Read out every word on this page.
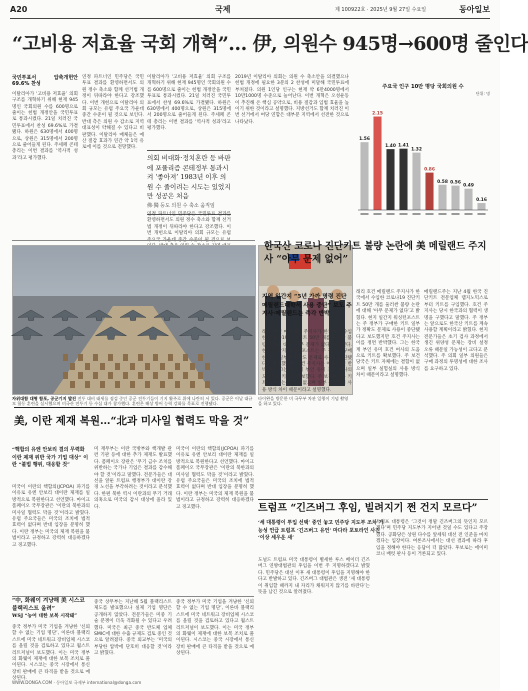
A20	국제	제 100922호 · 2025년 9월 27일 수요일	동아일보
“고비용 저효율 국회 개혁”… 伊, 의원수 945명→600명 줄인다
국민투표서 압축개헌안 69.6% 찬성
이탈리아가 ‘고비용 저효율’ 의회 구조를 개혁하기 위해 현재 945명인 국회의원 수를 600명으로 줄이는 헌법 개정안을 국민투표로 통과시켰다. 21일 치러진 국민투표에서 찬성 69.6%로 가결됐다. 하원은 630명에서 400명으로, 상원은 315명에서 200명으로 줄어들게 된다. 주세페 콘테 총리는 이번 결과를 ‘역사적 성과’라고 평가했다.
연정 파트너인 민주당은 국민투표 결과를 환영하면서도 의원 정수 축소와 함께 선거법 개정이 뒤따라야 한다고 강조했다. 이번 개헌으로 이탈리아 의회 규모는 유럽 주요국 가운데 중간 수준이 될 것으로 보인다. 반대 측은 의원 수 감소로 지역 대표성이 약해질 수 있다고 비판했다. 이탈리아 매체들은 예산 절감 효과가 연간 약 1억 유로에 이를 것으로 전망했다.
이탈리아가 ‘고비용 저효율’ 의회 구조를 개혁하기 위해 현재 945명인 국회의원 수를 600명으로 줄이는 헌법 개정안을 국민투표로 통과시켰다. 21일 치러진 국민투표에서 찬성 69.6%로 가결됐다. 하원은 630명에서 400명으로, 상원은 315명에서 200명으로 줄어들게 된다. 주세페 콘테 총리는 이번 결과를 ‘역사적 성과’라고 평가했다.
의회 비대화·정치혼란 등 바판에 포퓰리즘 콘테정부 통과시켜 ‘좋아져’ 1983년 이후 의원 수 줄이려는 시도는 있었지만 성공은 처음
佛·獨 등도 의원 수 축소 움직임
연정 파트너인 민주당은 국민투표 결과를 환영하면서도 의원 정수 축소와 함께 선거법 개정이 뒤따라야 한다고 강조했다. 이번 개헌으로 이탈리아 의회 규모는 유럽
2019년 이탈리아 의회는 의원 수 축소안을 의결했으나 헌법 개정에 필요한 3분의 2 찬성에 미달해 국민투표에 부쳐졌다. 의원 1인당 인구는 현재 약 6만4000명에서 10만1000명 수준으로 늘어난다. 이번 개혁은 오성운동이 추진해 온 핵심 공약으로, 비용 절감과 입법 효율을 높이기 위한 것이라고 설명했다. 지방선거도 함께 치러진 이번 선거에서 여당 연합은 대부분 지역에서 선전한 것으로 나타났다.
주요국 인구 10만 명당 국회의원 수
단위: 명
1.56
2.15
1.40 1.41
1.32
0.86
0.58 0.56
0.49
0.16
자위대함 대형 함포, 공군기지 발진 전투 대비 태세를 점검 중인 공군 전투기들이 기지 활주로 위에 나란히 서 있다. 공군은 이날 대규모 합동 훈련을 실시했으며 미국산 전투기 등 수십 대가 참가했다. 훈련은 해상 방어 능력 강화를 목표로 진행됐다.
타이완을 방문한 미 국무부 차관 일행이 기념 촬영을 하고 있다.
한국산 코로나 진단키트 불량 논란에 美 메릴랜드 주지사 “아무 문제 없어”
지역 일간지 “5년 가까 명령 진단 메릴랜드대학서 사용 중단” 보도 주지사·메릴랜드는 즉각 반박
래리 호건 메릴랜드 주지사가 한국에서 수입한 코로나19 진단키트 50만 개를 둘러싼 불량 논란에 대해 ‘아무 문제가 없다’고 밝혔다. 현지 일간지 워싱턴포스트는 주 정부가 구매한 키트 일부가 정확도 문제로 사용이 중단됐다고 보도했지만 호건 주지사는 이를 정면 반박했다. 그는 한국계 부인 유미 호건 여사의 도움으로 키트를 확보했다. 주 보건당국은 키트 자체에는 결함이 없으며 일부 실험실의 사용 방식 차이 때문이라고 설명했다.
래리 호건 메릴랜드 주지사가 한국에서 수입한 코로나19 진단키트 50만 개를 둘러싼 불량 논란에 대해 ‘아무 문제가 없다’고 밝혔다. 현지 일간지 워싱턴포스트는 주 정부가 구매한 키트 일부가 정확도 문제로 사용이 중단됐다고 보도했지만 호건 주지사는 이를 정면 반박했다. 그는 한국계 부인 유미 호건 여사의 도움으로 키트를 확보했다. 주 보건당국은 키트 자체에는 결함이 없으며 일부 실험실의 사용 방식 차이 때문이라고 설명했다.
메릴랜드주는 지난 4월 한국 진단키트 전문업체 랩지노믹스로부터 키트를 구입했다. 호건 주지사는 당시 한국과의 협력이 생명을 구했다고 말했다. 주 정부는 앞으로도 한국산 키트를 계속 사용할 계획이라고 밝혔다. 현지 전문가들은 초기 검사 과정에서 생긴 위양성 문제는 장비 설정 오류 때문일 가능성이 크다고 분석했다. 주 의회 일부 의원들은 구매 과정의 투명성에 대한 조사를 요구하고 있다.
美, 이란 제재 복원…“北과 미사일 협력도 막을 것”
“핵합의 유엔 안보리 결의 무력화 이란 제재 위반 국가 기업 대상” 이란 “불법 행위, 대응할 것”
미국이 이란의 핵합의(JCPOA) 파기를 이유로 유엔 안보리 대이란 제재를 일방적으로 복원한다고 선언했다. 마이크 폼페이오 국무장관은 ‘이란의 북한과의 미사일 협력도 막을 것’이라고 밝혔다. 유럽 주요국들은 미국의 조치에 법적 효력이 없다며 반대 입장을 분명히 했다. 이란 정부는 미국의 제재 복원을 불법이라고 규정하고 강력히 대응하겠다고 경고했다.
미 재무부는 이란 국방부와 핵개발 관련 기관 등에 대한 추가 제재도 발표했다. 폼페이오 장관은 ‘무기 금수 조치를 위반하는 국가나 기업은 결과를 감수해야 할 것’이라고 말했다. 전문가들은 대선을 앞둔 트럼프 행정부가 대이란 강경 노선을 부각하려는 것이라고 분석했다. 한편 북한 역시 이란과의 무기 거래 의혹으로 미국의 감시 대상에 올라 있다.
미국이 이란의 핵합의(JCPOA) 파기를 이유로 유엔 안보리 대이란 제재를 일방적으로 복원한다고 선언했다. 마이크 폼페이오 국무장관은 ‘이란의 북한과의 미사일 협력도 막을 것’이라고 밝혔다. 유럽 주요국들은 미국의 조치에 법적 효력이 없다며 반대 입장을 분명히 했다. 이란 정부는 미국의 제재 복원을 불법이라고 규정하고 강력히 대응하겠다고 경고했다.	트럼프 “긴즈버그 후임, 빌려지기 쩐 건지 모르다”
‘세 대통령이 투입 선택’ 중인 놓고 민주당 지도부 조차 가능성 언급 트럼프 ‘긴즈버그 유언’ 마다라 포토라인 사진 ‘이상 세우운 새’
도널드 트럼프 미국 대통령이 별세한 루스 베이더 긴즈버그 연방대법관의 후임을 이번 주 지명하겠다고 밝혔다. 민주당은 대선 이후 새 대통령이 후임을 지명해야 한다고 반발하고 있다. 긴즈버그 대법관은 생전 ‘새 대통령이 취임할 때까지 내 자리가 채워지지 않기를 바란다’는 뜻을 남긴 것으로 알려졌다.
트럼프 대통령은 ‘그것이 정말 긴즈버그의 뜻인지 모르겠다’며 민주당 지도부가 지어낸 것일 수도 있다고 주장했다. 공화당은 상원 다수를 앞세워 대선 전 인준을 마치겠다는 입장이다. 여론조사에서는 대선 결과에 따라 후임을 정해야 한다는 응답이 더 많았다. 후보로는 에이미 코니 배럿 판사 등이 거론되고 있다.
“中, 화웨이 겨냥해 美 시스코 블랙리스트 올려”
WSJ “농어 대한 보복 시작돼”
중국 정부가 미국 기업을 겨냥한 ‘신뢰할 수 없는 기업 명단’, 이른바 블랙리스트에 미국 네트워크 장비업체 시스코를 올릴 것을 검토하고 있다고 월스트리트저널이 보도했다. 이는 미국 정부의 화웨이 제재에 대한 보복 조치로 풀이된다. 시스코는 중국 시장에서 통신 장비 판매에 큰 타격을 받을 것으로 예상된다.
중국 상무부는 지난해 5월 블랙리스트 제도를 발표했으나 실제 기업 명단은 공개하지 않았다. 전문가들은 미중 기술 분쟁이 더욱 격화될 수 있다고 우려했다. 미국은 최근 중국 반도체 업체 SMIC에 대한 수출 규제도 검토 중인 것으로 알려졌다. 중국 외교부는 ‘미국의 부당한 압박에 단호히 대응할 것’이라고 밝혔다.
중국 정부가 미국 기업을 겨냥한 ‘신뢰할 수 없는 기업 명단’, 이른바 블랙리스트에 미국 네트워크 장비업체 시스코를 올릴 것을 검토하고 있다고 월스트리트저널이 보도했다. 이는 미국 정부의 화웨이 제재에 대한 보복 조치로 풀이된다. 시스코는 중국 시장에서 통신 장비 판매에 큰 타격을 받을 것으로 예상된다.
WWW.DONGA.COM · 동아일보 국제부 international@donga.com
